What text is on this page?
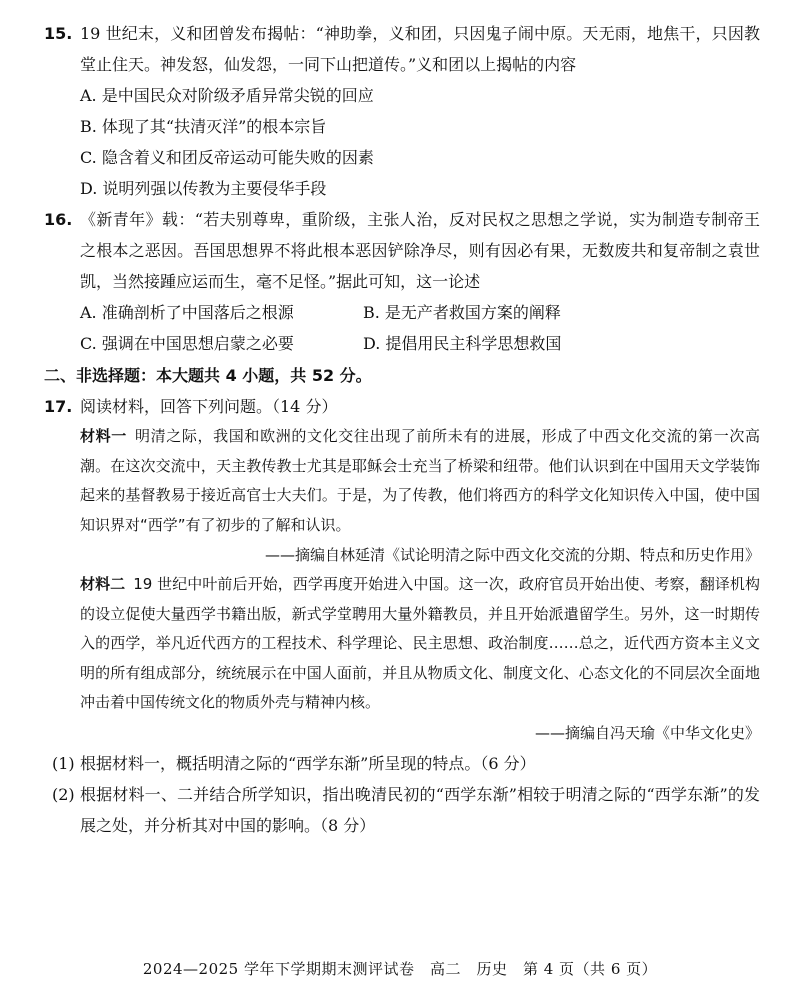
15. 19 世纪末，义和团曾发布揭帖：“神助拳，义和团，只因鬼子闹中原。天无雨，地焦干，只因教堂止住天。神发怒，仙发怨，一同下山把道传。”义和团以上揭帖的内容
A. 是中国民众对阶级矛盾异常尖锐的回应
B. 体现了其“扶清灭洋”的根本宗旨
C. 隐含着义和团反帝运动可能失败的因素
D. 说明列强以传教为主要侵华手段
16. 《新青年》载：“若夫别尊卑，重阶级，主张人治，反对民权之思想之学说，实为制造专制帝王之根本之恶因。吾国思想界不将此根本恶因铲除净尽，则有因必有果，无数废共和复帝制之袁世凯，当然接踵应运而生，毫不足怪。”据此可知，这一论述
A. 准确剖析了中国落后之根源	B. 是无产者救国方案的阐释
C. 强调在中国思想启蒙之必要	D. 提倡用民主科学思想救国
二、非选择题：本大题共 4 小题，共 52 分。
17. 阅读材料，回答下列问题。（14 分）
材料一 明清之际，我国和欧洲的文化交往出现了前所未有的进展，形成了中西文化交流的第一次高潮。在这次交流中，天主教传教士尤其是耶稣会士充当了桥梁和纽带。他们认识到在中国用天文学装饰起来的基督教易于接近高官士大夫们。于是，为了传教，他们将西方的科学文化知识传入中国，使中国知识界对“西学”有了初步的了解和认识。
——摘编自林延清《试论明清之际中西文化交流的分期、特点和历史作用》
材料二 19 世纪中叶前后开始，西学再度开始进入中国。这一次，政府官员开始出使、考察，翻译机构的设立促使大量西学书籍出版，新式学堂聘用大量外籍教员，并且开始派遣留学生。另外，这一时期传入的西学，举凡近代西方的工程技术、科学理论、民主思想、政治制度……总之，近代西方资本主义文明的所有组成部分，统统展示在中国人面前，并且从物质文化、制度文化、心态文化的不同层次全面地冲击着中国传统文化的物质外壳与精神内核。
——摘编自冯天瑜《中华文化史》
(1) 根据材料一，概括明清之际的“西学东渐”所呈现的特点。（6 分）
(2) 根据材料一、二并结合所学知识，指出晚清民初的“西学东渐”相较于明清之际的“西学东渐”的发展之处，并分析其对中国的影响。（8 分）
2024—2025 学年下学期期末测评试卷　高二　历史　第 4 页（共 6 页）
